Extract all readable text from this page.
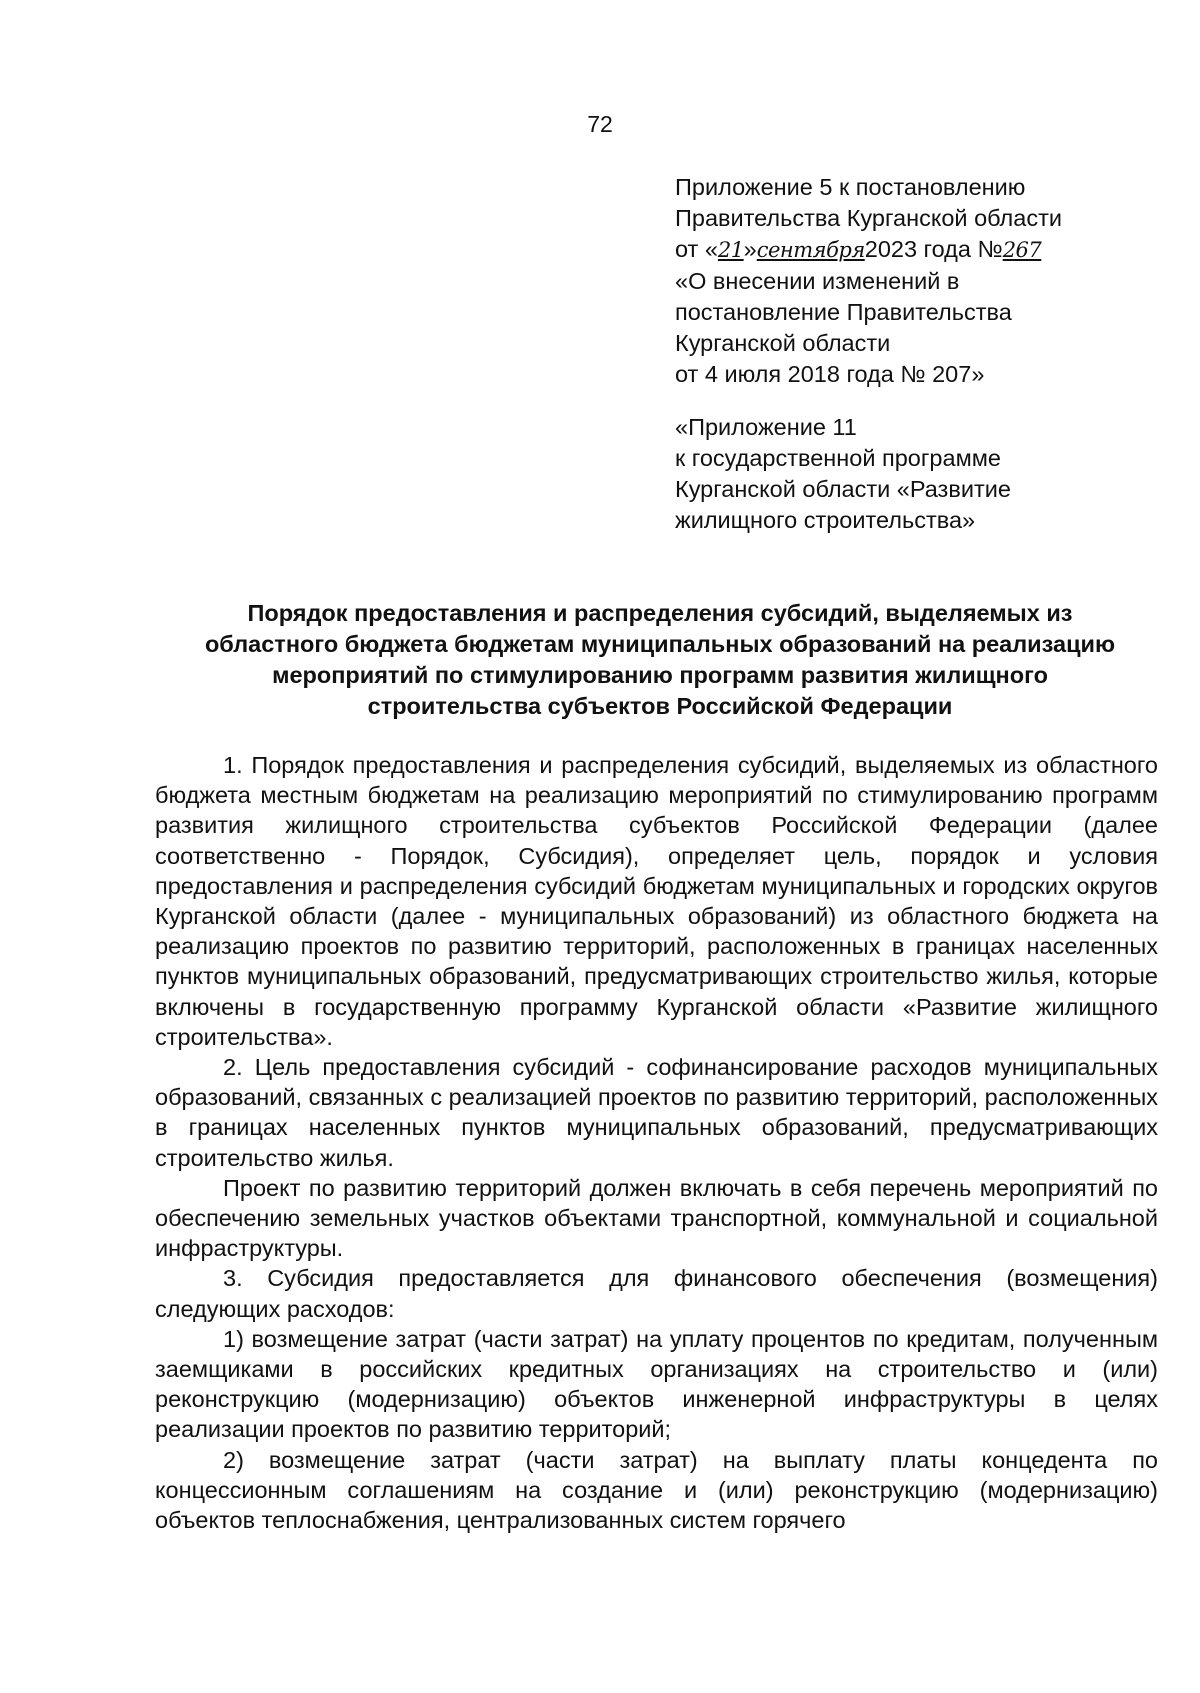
72
Приложение 5 к постановлению
Правительства Курганской области
от «21»сентября2023 года №267
«О внесении изменений в
постановление Правительства
Курганской области
от 4 июля 2018 года № 207»
«Приложение 11
к государственной программе
Курганской области «Развитие
жилищного строительства»
Порядок предоставления и распределения субсидий, выделяемых из
областного бюджета бюджетам муниципальных образований на реализацию
мероприятий по стимулированию программ развития жилищного
строительства субъектов Российской Федерации

1. Порядок предоставления и распределения субсидий, выделяемых из областного бюджета местным бюджетам на реализацию мероприятий по стимулированию программ развития жилищного строительства субъектов Российской Федерации (далее соответственно - Порядок, Субсидия), определяет цель, порядок и условия предоставления и распределения субсидий бюджетам муниципальных и городских округов Курганской области (далее - муниципальных образований) из областного бюджета на реализацию проектов по развитию территорий, расположенных в границах населенных пунктов муниципальных образований, предусматривающих строительство жилья, которые включены в государственную программу Курганской области «Развитие жилищного строительства».

2. Цель предоставления субсидий - софинансирование расходов муниципальных образований, связанных с реализацией проектов по развитию территорий, расположенных в границах населенных пунктов муниципальных образований, предусматривающих строительство жилья.

Проект по развитию территорий должен включать в себя перечень мероприятий по обеспечению земельных участков объектами транспортной, коммунальной и социальной инфраструктуры.

3. Субсидия предоставляется для финансового обеспечения (возмещения) следующих расходов:

1) возмещение затрат (части затрат) на уплату процентов по кредитам, полученным заемщиками в российских кредитных организациях на строительство и (или) реконструкцию (модернизацию) объектов инженерной инфраструктуры в целях реализации проектов по развитию территорий;

2) возмещение затрат (части затрат) на выплату платы концедента по концессионным соглашениям на создание и (или) реконструкцию (модернизацию) объектов теплоснабжения, централизованных систем горячего
